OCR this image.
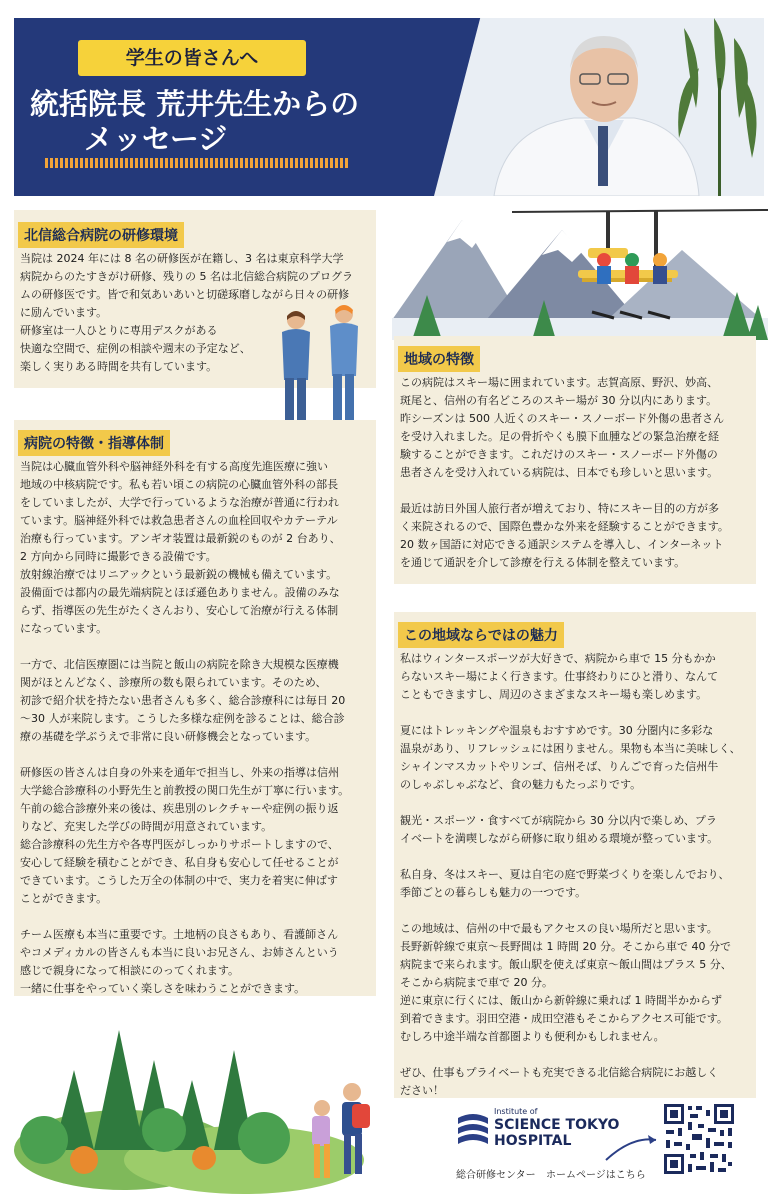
学生の皆さんへ
統括院長 荒井先生からの
メッセージ
北信総合病院の研修環境
当院は 2024 年には 8 名の研修医が在籍し、3 名は東京科学大学
病院からのたすきがけ研修、残りの 5 名は北信総合病院のプログラ
ムの研修医です。皆で和気あいあいと切磋琢磨しながら日々の研修
に励んでいます。
研修室は一人ひとりに専用デスクがある
快適な空間で、症例の相談や週末の予定など、
楽しく実りある時間を共有しています。
病院の特徴・指導体制
当院は心臓血管外科や脳神経外科を有する高度先進医療に強い
地域の中核病院です。私も若い頃この病院の心臓血管外科の部長
をしていましたが、大学で行っているような治療が普通に行われ
ています。脳神経外科では救急患者さんの血栓回収やカテーテル
治療も行っています。アンギオ装置は最新鋭のものが 2 台あり、
2 方向から同時に撮影できる設備です。
放射線治療ではリニアックという最新鋭の機械も備えています。
設備面では都内の最先端病院とほぼ遜色ありません。設備のみな
らず、指導医の先生がたくさんおり、安心して治療が行える体制
になっています。
一方で、北信医療圏には当院と飯山の病院を除き大規模な医療機
関がほとんどなく、診療所の数も限られています。そのため、
初診で紹介状を持たない患者さんも多く、総合診療科には毎日 20
〜30 人が来院します。こうした多様な症例を診ることは、総合診
療の基礎を学ぶうえで非常に良い研修機会となっています。
研修医の皆さんは自身の外来を通年で担当し、外来の指導は信州
大学総合診療科の小野先生と前教授の関口先生が丁寧に行います。
午前の総合診療外来の後は、疾患別のレクチャーや症例の振り返
りなど、充実した学びの時間が用意されています。
総合診療科の先生方や各専門医がしっかりサポートしますので、
安心して経験を積むことができ、私自身も安心して任せることが
できています。こうした万全の体制の中で、実力を着実に伸ばす
ことができます。
チーム医療も本当に重要です。土地柄の良さもあり、看護師さん
やコメディカルの皆さんも本当に良いお兄さん、お姉さんという
感じで親身になって相談にのってくれます。
一緒に仕事をやっていく楽しさを味わうことができます。
地域の特徴
この病院はスキー場に囲まれています。志賀高原、野沢、妙高、
斑尾と、信州の有名どころのスキー場が 30 分以内にあります。
昨シーズンは 500 人近くのスキー・スノーボード外傷の患者さん
を受け入れました。足の骨折やくも膜下血腫などの緊急治療を経
験することができます。これだけのスキー・スノーボード外傷の
患者さんを受け入れている病院は、日本でも珍しいと思います。
最近は訪日外国人旅行者が増えており、特にスキー目的の方が多
く来院されるので、国際色豊かな外来を経験することができます。
20 数ヶ国語に対応できる通訳システムを導入し、インターネット
を通じて通訳を介して診療を行える体制を整えています。
この地域ならではの魅力
私はウィンタースポーツが大好きで、病院から車で 15 分もかか
らないスキー場によく行きます。仕事終わりにひと滑り、なんて
こともできますし、周辺のさまざまなスキー場も楽しめます。
夏にはトレッキングや温泉もおすすめです。30 分圏内に多彩な
温泉があり、リフレッシュには困りません。果物も本当に美味しく、
シャインマスカットやリンゴ、信州そば、りんごで育った信州牛
のしゃぶしゃぶなど、食の魅力もたっぷりです。
観光・スポーツ・食すべてが病院から 30 分以内で楽しめ、プラ
イベートを満喫しながら研修に取り組める環境が整っています。
私自身、冬はスキー、夏は自宅の庭で野菜づくりを楽しんでおり、
季節ごとの暮らしも魅力の一つです。
この地域は、信州の中で最もアクセスの良い場所だと思います。
長野新幹線で東京〜長野間は 1 時間 20 分。そこから車で 40 分で
病院まで来られます。飯山駅を使えば東京〜飯山間はプラス 5 分、
そこから病院まで車で 20 分。
逆に東京に行くには、飯山から新幹線に乗れば 1 時間半かからず
到着できます。羽田空港・成田空港もそこからアクセス可能です。
むしろ中途半端な首都圏よりも便利かもしれません。
ぜひ、仕事もプライベートも充実できる北信総合病院にお越しく
ださい！
Institute of
SCIENCE TOKYO
HOSPITAL
総合研修センター ホームページはこちら
